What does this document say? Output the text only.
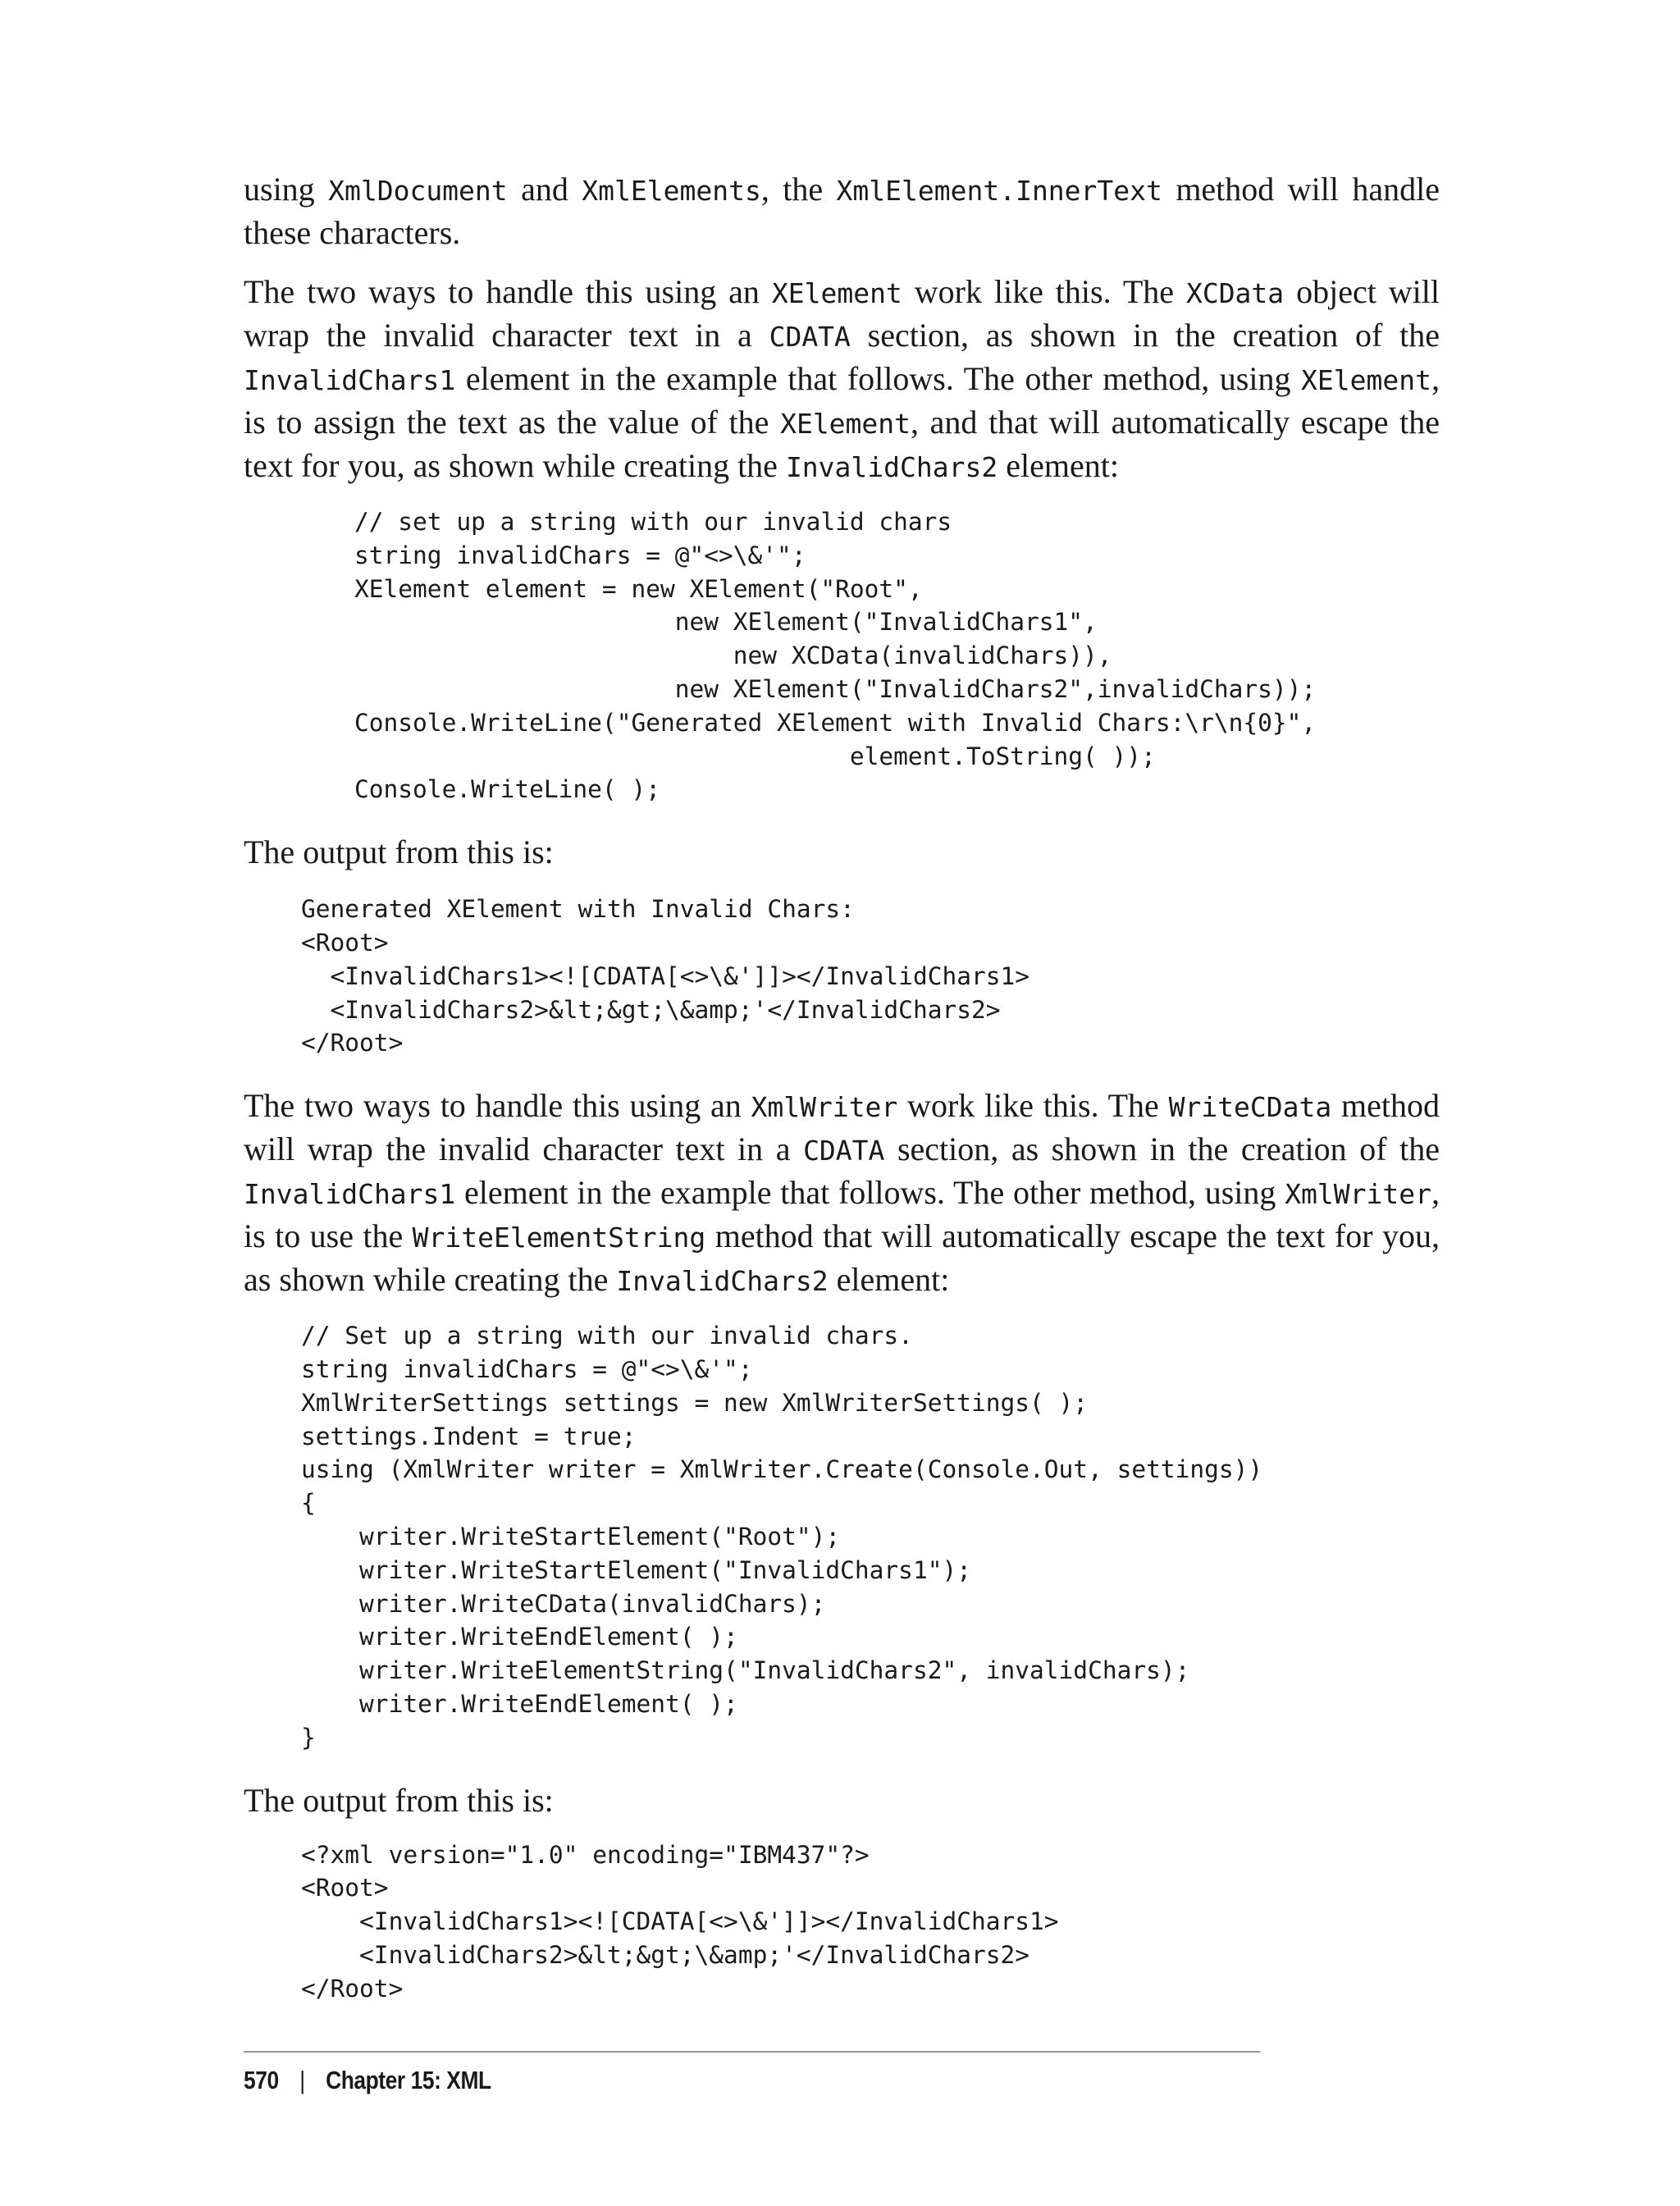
using XmlDocument and XmlElements, the XmlElement.InnerText method will handle these characters.

The two ways to handle this using an XElement work like this. The XCData object will wrap the invalid character text in a CDATA section, as shown in the creation of the InvalidChars1 element in the example that follows. The other method, using XElement, is to assign the text as the value of the XElement, and that will automatically escape the text for you, as shown while creating the InvalidChars2 element:

// set up a string with our invalid chars
string invalidChars = @"<>\&'";
XElement element = new XElement("Root",
new XElement("InvalidChars1",
new XCData(invalidChars)),
new XElement("InvalidChars2",invalidChars));
Console.WriteLine("Generated XElement with Invalid Chars:\r\n{0}",
element.ToString( ));
Console.WriteLine( );

The output from this is:

Generated XElement with Invalid Chars:
<Root>
<InvalidChars1><![CDATA[<>\&']]></InvalidChars1>
<InvalidChars2>&lt;&gt;\&amp;'</InvalidChars2>
</Root>

The two ways to handle this using an XmlWriter work like this. The WriteCData method will wrap the invalid character text in a CDATA section, as shown in the creation of the InvalidChars1 element in the example that follows. The other method, using XmlWriter, is to use the WriteElementString method that will automatically escape the text for you, as shown while creating the InvalidChars2 element:

// Set up a string with our invalid chars.
string invalidChars = @"<>\&'";
XmlWriterSettings settings = new XmlWriterSettings( );
settings.Indent = true;
using (XmlWriter writer = XmlWriter.Create(Console.Out, settings))
{
writer.WriteStartElement("Root");
writer.WriteStartElement("InvalidChars1");
writer.WriteCData(invalidChars);
writer.WriteEndElement( );
writer.WriteElementString("InvalidChars2", invalidChars);
writer.WriteEndElement( );
}

The output from this is:

<?xml version="1.0" encoding="IBM437"?>
<Root>
<InvalidChars1><![CDATA[<>\&']]></InvalidChars1>
<InvalidChars2>&lt;&gt;\&amp;'</InvalidChars2>
</Root>
570 | Chapter 15: XML
